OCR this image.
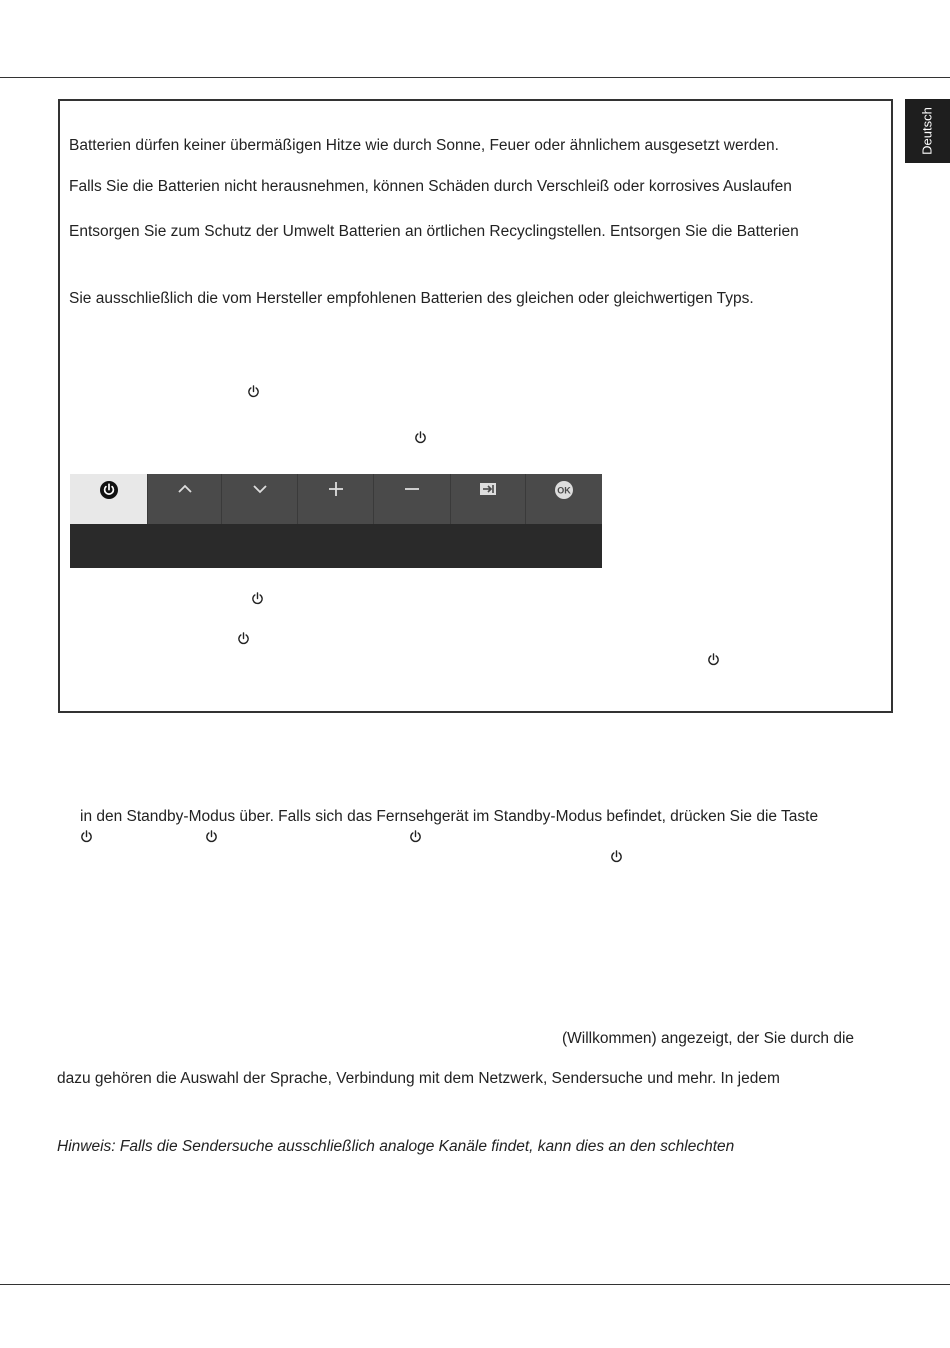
Deutsch
Batterien dürfen keiner übermäßigen Hitze wie durch Sonne, Feuer oder ähnlichem ausgesetzt werden.
Falls Sie die Batterien nicht herausnehmen, können Schäden durch Verschleiß oder korrosives Auslaufen
Entsorgen Sie zum Schutz der Umwelt Batterien an örtlichen Recyclingstellen. Entsorgen Sie die Batterien
Sie ausschließlich die vom Hersteller empfohlenen Batterien des gleichen oder gleichwertigen Typs.
OK
in den Standby-Modus über. Falls sich das Fernsehgerät im Standby-Modus befindet, drücken Sie die Taste
(Willkommen) angezeigt, der Sie durch die
dazu gehören die Auswahl der Sprache, Verbindung mit dem Netzwerk, Sendersuche und mehr. In jedem
Hinweis: Falls die Sendersuche ausschließlich analoge Kanäle findet, kann dies an den schlechten
